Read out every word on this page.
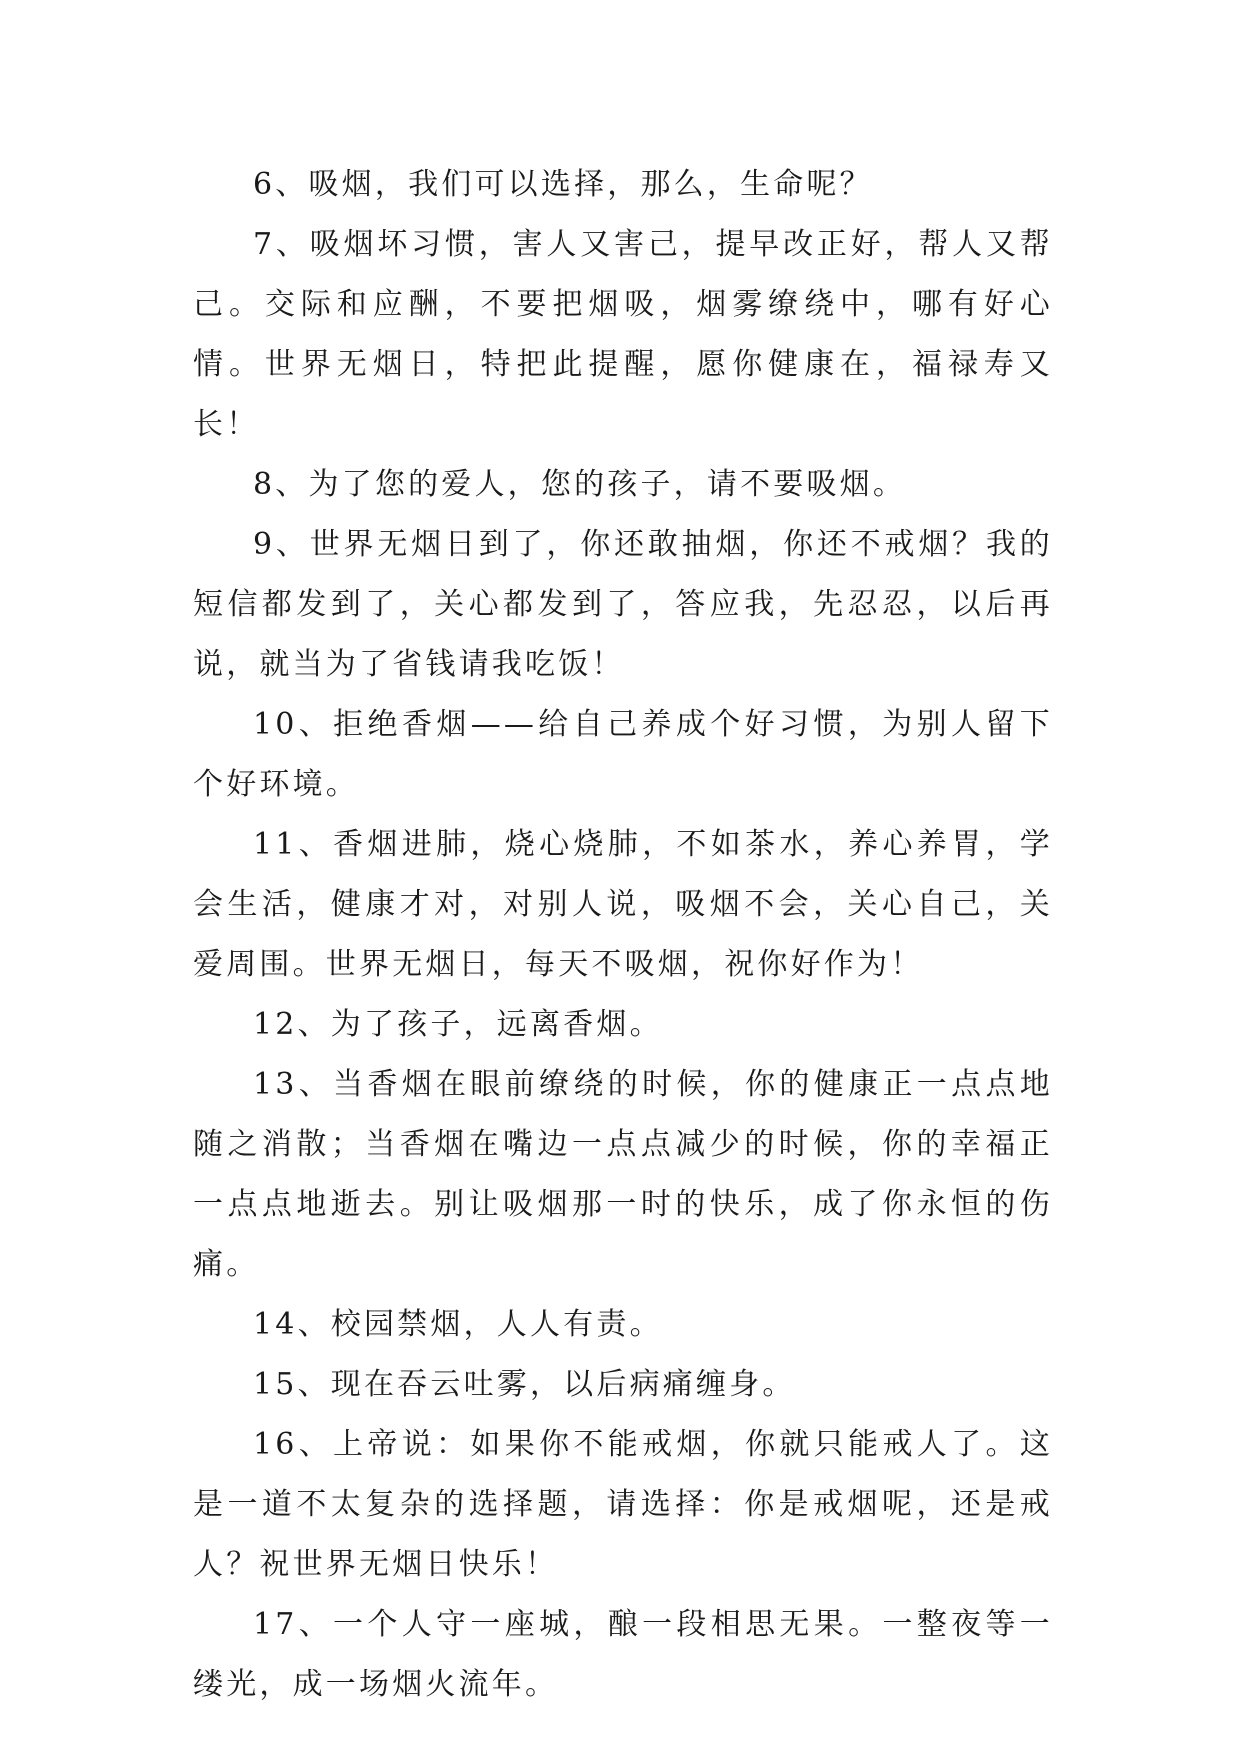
6、吸烟，我们可以选择，那么，生命呢？

7、吸烟坏习惯，害人又害己，提早改正好，帮人又帮己。交际和应酬，不要把烟吸，烟雾缭绕中，哪有好心情。世界无烟日，特把此提醒，愿你健康在，福禄寿又长！

8、为了您的爱人，您的孩子，请不要吸烟。

9、世界无烟日到了，你还敢抽烟，你还不戒烟？我的短信都发到了，关心都发到了，答应我，先忍忍，以后再说，就当为了省钱请我吃饭！

10、拒绝香烟——给自己养成个好习惯，为别人留下个好环境。

11、香烟进肺，烧心烧肺，不如茶水，养心养胃，学会生活，健康才对，对别人说，吸烟不会，关心自己，关爱周围。世界无烟日，每天不吸烟，祝你好作为！

12、为了孩子，远离香烟。

13、当香烟在眼前缭绕的时候，你的健康正一点点地随之消散；当香烟在嘴边一点点减少的时候，你的幸福正一点点地逝去。别让吸烟那一时的快乐，成了你永恒的伤痛。

14、校园禁烟，人人有责。

15、现在吞云吐雾，以后病痛缠身。

16、上帝说：如果你不能戒烟，你就只能戒人了。这是一道不太复杂的选择题，请选择：你是戒烟呢，还是戒人？祝世界无烟日快乐！

17、一个人守一座城，酿一段相思无果。一整夜等一缕光，成一场烟火流年。
